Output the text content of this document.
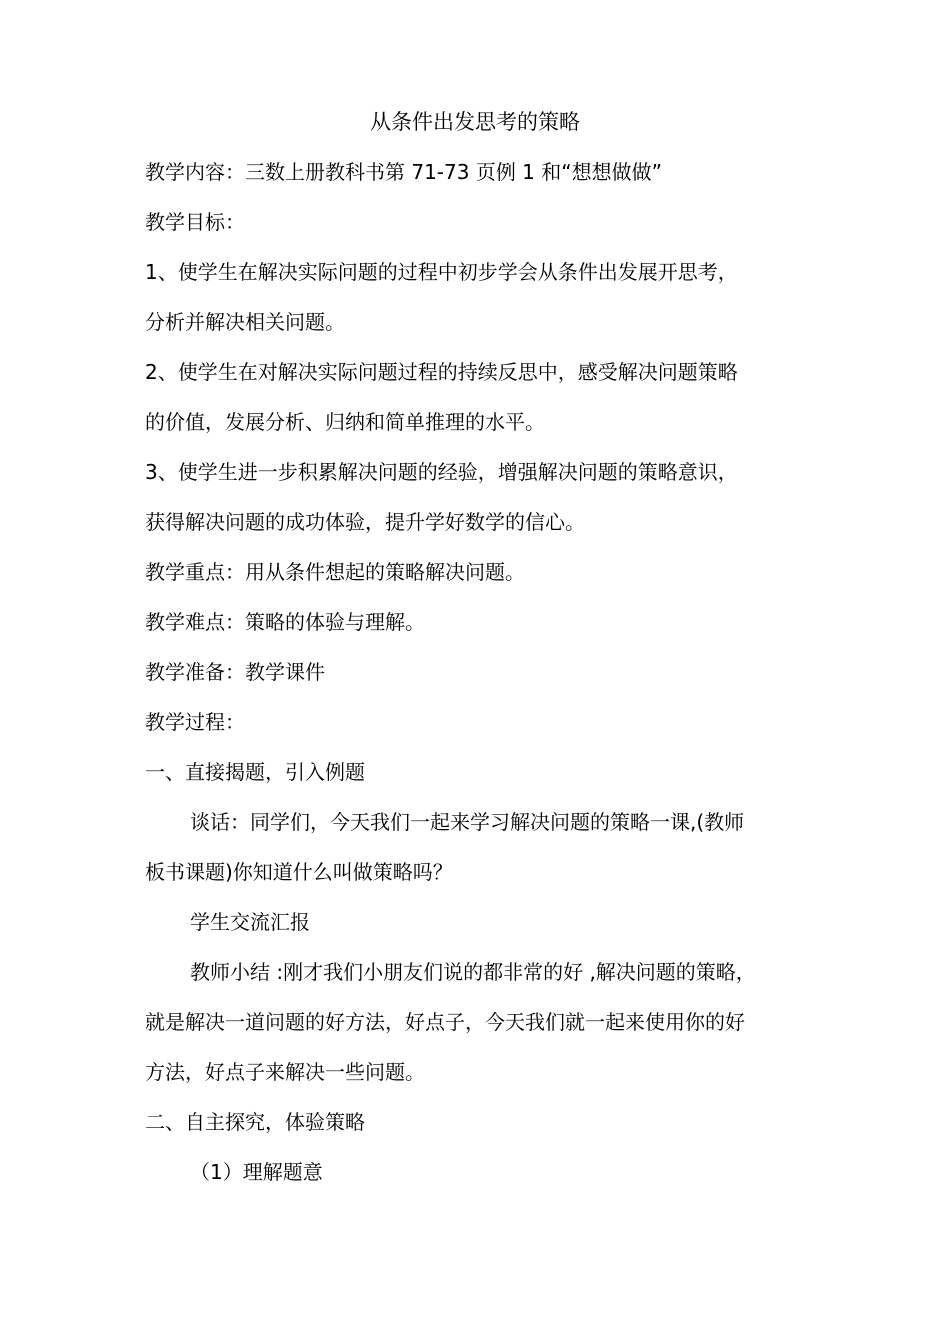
从条件出发思考的策略
教学内容：三数上册教科书第 71-73 页例 1 和“想想做做”
教学目标：
1、使学生在解决实际问题的过程中初步学会从条件出发展开思考，
分析并解决相关问题。
2、使学生在对解决实际问题过程的持续反思中，感受解决问题策略
的价值，发展分析、归纳和简单推理的水平。
3、使学生进一步积累解决问题的经验，增强解决问题的策略意识，
获得解决问题的成功体验，提升学好数学的信心。
教学重点：用从条件想起的策略解决问题。
教学难点：策略的体验与理解。
教学准备：教学课件
教学过程：
一、直接揭题，引入例题
谈话：同学们，今天我们一起来学习解决问题的策略一课,(教师
板书课题)你知道什么叫做策略吗？
学生交流汇报
教师小结 :刚才我们小朋友们说的都非常的好 ,解决问题的策略，
就是解决一道问题的好方法，好点子，今天我们就一起来使用你的好
方法，好点子来解决一些问题。
二、自主探究，体验策略
（1）理解题意
